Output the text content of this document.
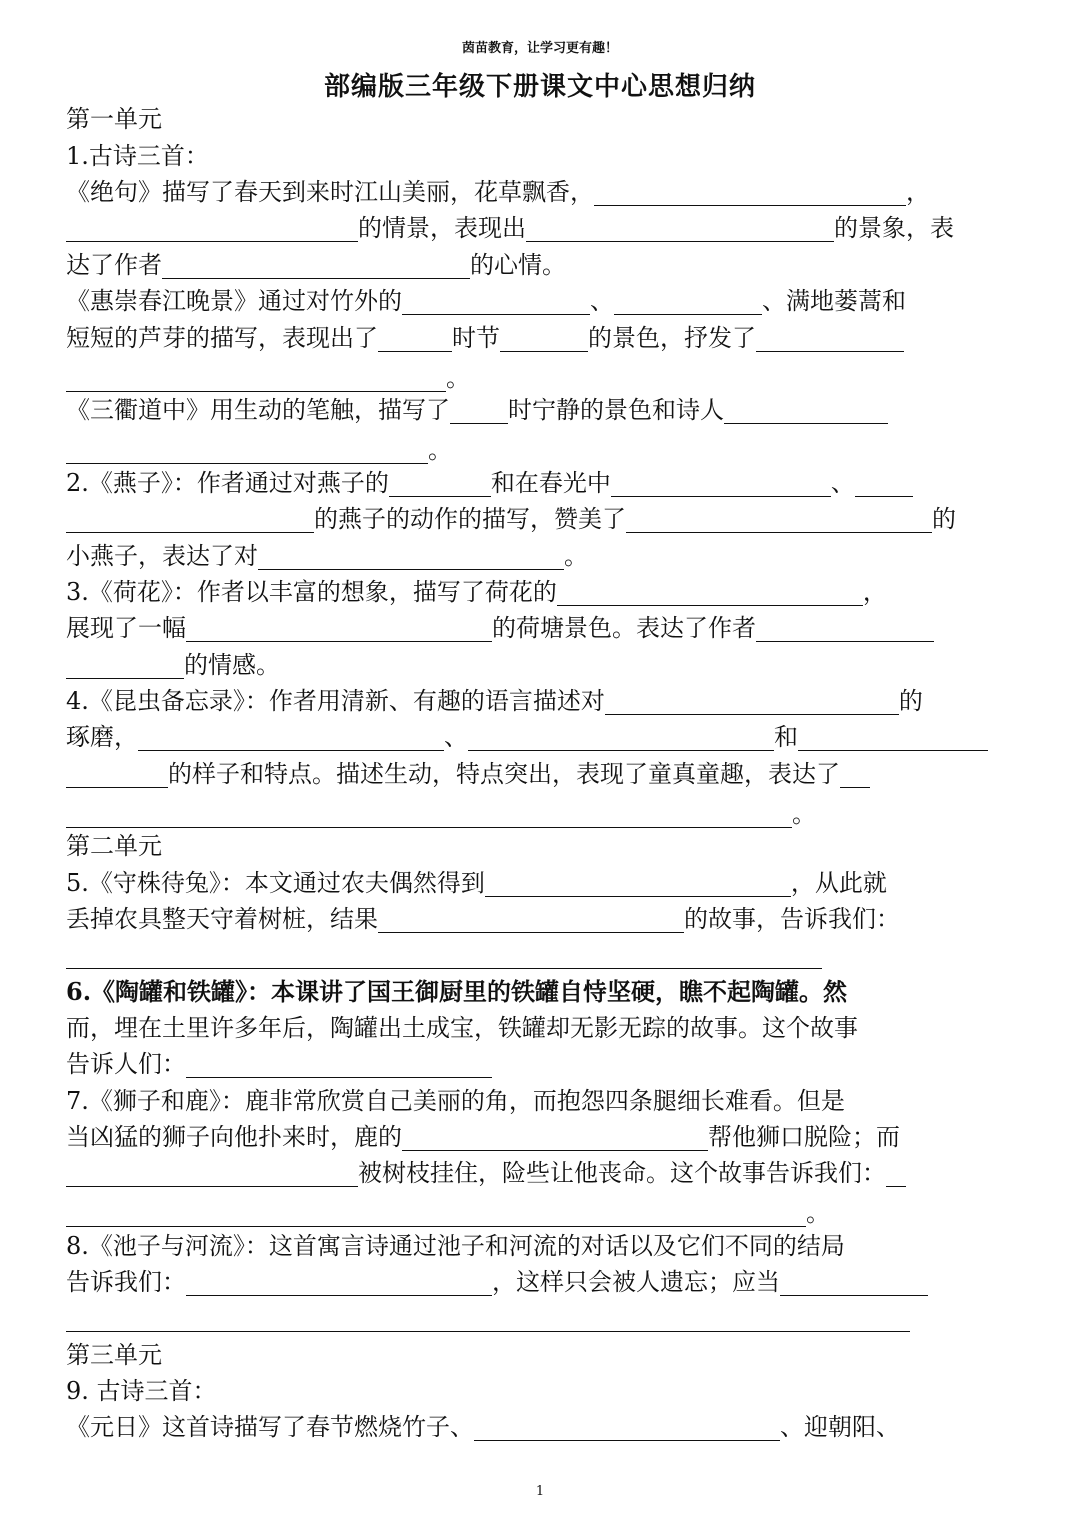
茵苗教育，让学习更有趣！
部编版三年级下册课文中心思想归纳
第一单元
1.古诗三首：
《绝句》描写了春天到来时江山美丽，花草飘香，	，
的情景，表现出	的景象，表
达了作者	的心情。
《惠崇春江晚景》通过对竹外的	、	、满地蒌蒿和
短短的芦芽的描写，表现出了	时节	的景色，抒发了
。
《三衢道中》用生动的笔触，描写了 时宁静的景色和诗人
。
2.《燕子》：作者通过对燕子的	和在春光中	、
的燕子的动作的描写，赞美了	的
小燕子，表达了对	。
3.《荷花》：作者以丰富的想象，描写了荷花的	，
展现了一幅	的荷塘景色。表达了作者
的情感。
4.《昆虫备忘录》：作者用清新、有趣的语言描述对	的
琢磨，	、	和
的样子和特点。描述生动，特点突出，表现了童真童趣，表达了
。
第二单元
5.《守株待兔》：本文通过农夫偶然得到	，从此就
丢掉农具整天守着树桩，结果	的故事，告诉我们：
6.《陶罐和铁罐》：本课讲了国王御厨里的铁罐自恃坚硬，瞧不起陶罐。然
而，埋在土里许多年后，陶罐出土成宝，铁罐却无影无踪的故事。这个故事
告诉人们：
7.《狮子和鹿》：鹿非常欣赏自己美丽的角，而抱怨四条腿细长难看。但是
当凶猛的狮子向他扑来时，鹿的	帮他狮口脱险；而
被树枝挂住，险些让他丧命。这个故事告诉我们：
。
8.《池子与河流》：这首寓言诗通过池子和河流的对话以及它们不同的结局
告诉我们：	，这样只会被人遗忘；应当
第三单元
9. 古诗三首：
《元日》这首诗描写了春节燃烧竹子、	、迎朝阳、
1
